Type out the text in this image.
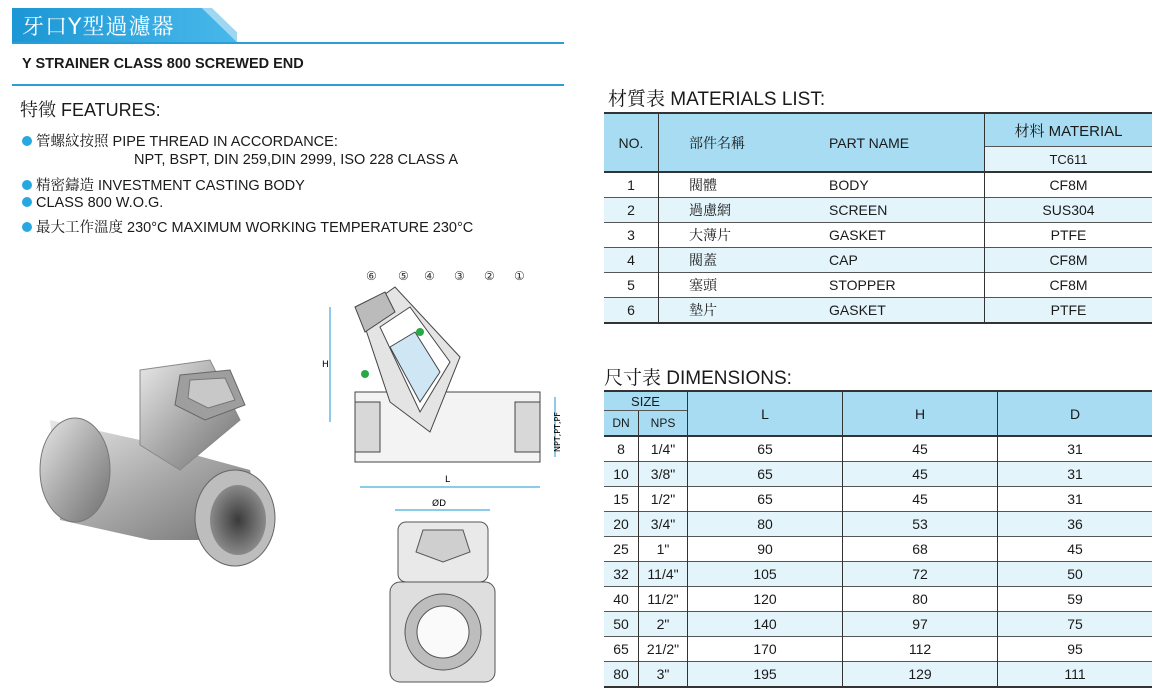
牙口Y型過濾器
Y STRAINER CLASS 800 SCREWED END
特徵 FEATURES:
管螺紋按照 PIPE THREAD IN ACCORDANCE:
NPT, BSPT, DIN 259,DIN 2999, ISO 228 CLASS A
精密鑄造 INVESTMENT CASTING BODY
CLASS 800 W.O.G.
最大工作溫度 230°C MAXIMUM WORKING TEMPERATURE 230°C
⑥ ⑤ ④ ③ ② ①
H
L
NPT,PT,PF
ØD
材質表 MATERIALS LIST:
NO.	部件名稱	PART NAME	材料 MATERIAL
			TC611
1	閥體	BODY	CF8M
2	過慮網	SCREEN	SUS304
3	大薄片	GASKET	PTFE
4	閥蓋	CAP	CF8M
5	塞頭	STOPPER	CF8M
6	墊片	GASKET	PTFE
尺寸表 DIMENSIONS:
SIZE		L	H	D
DN	NPS			
8	1/4"	65	45	31
10	3/8"	65	45	31
15	1/2"	65	45	31
20	3/4"	80	53	36
25	1"	90	68	45
32	11/4"	105	72	50
40	11/2"	120	80	59
50	2"	140	97	75
65	21/2"	170	112	95
80	3"	195	129	111
